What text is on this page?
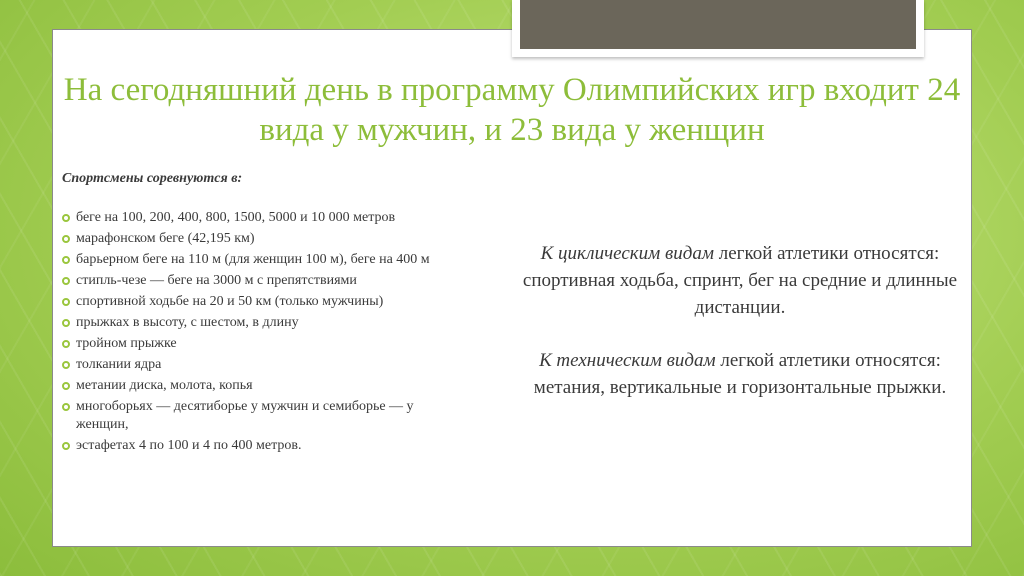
На сегодняшний день в программу Олимпийских игр входит 24 вида у мужчин, и 23 вида у женщин
Спортсмены соревнуются в:
беге на 100, 200, 400, 800, 1500, 5000 и 10 000 метров
марафонском беге (42,195 км)
барьерном беге на 110 м (для женщин 100 м), беге на 400 м
стипль-чезе — беге на 3000 м с препятствиями
спортивной ходьбе на 20 и 50 км (только мужчины)
прыжках в высоту, с шестом, в длину
тройном прыжке
толкании ядра
метании диска, молота, копья
многоборьях — десятиборье у мужчин и семиборье — у женщин,
эстафетах 4 по 100 и 4 по 400 метров.

К циклическим видам легкой атлетики относятся: спортивная ходьба, спринт, бег на средние и длинные дистанции.

К техническим видам легкой атлетики относятся: метания, вертикальные и горизонтальные прыжки.
